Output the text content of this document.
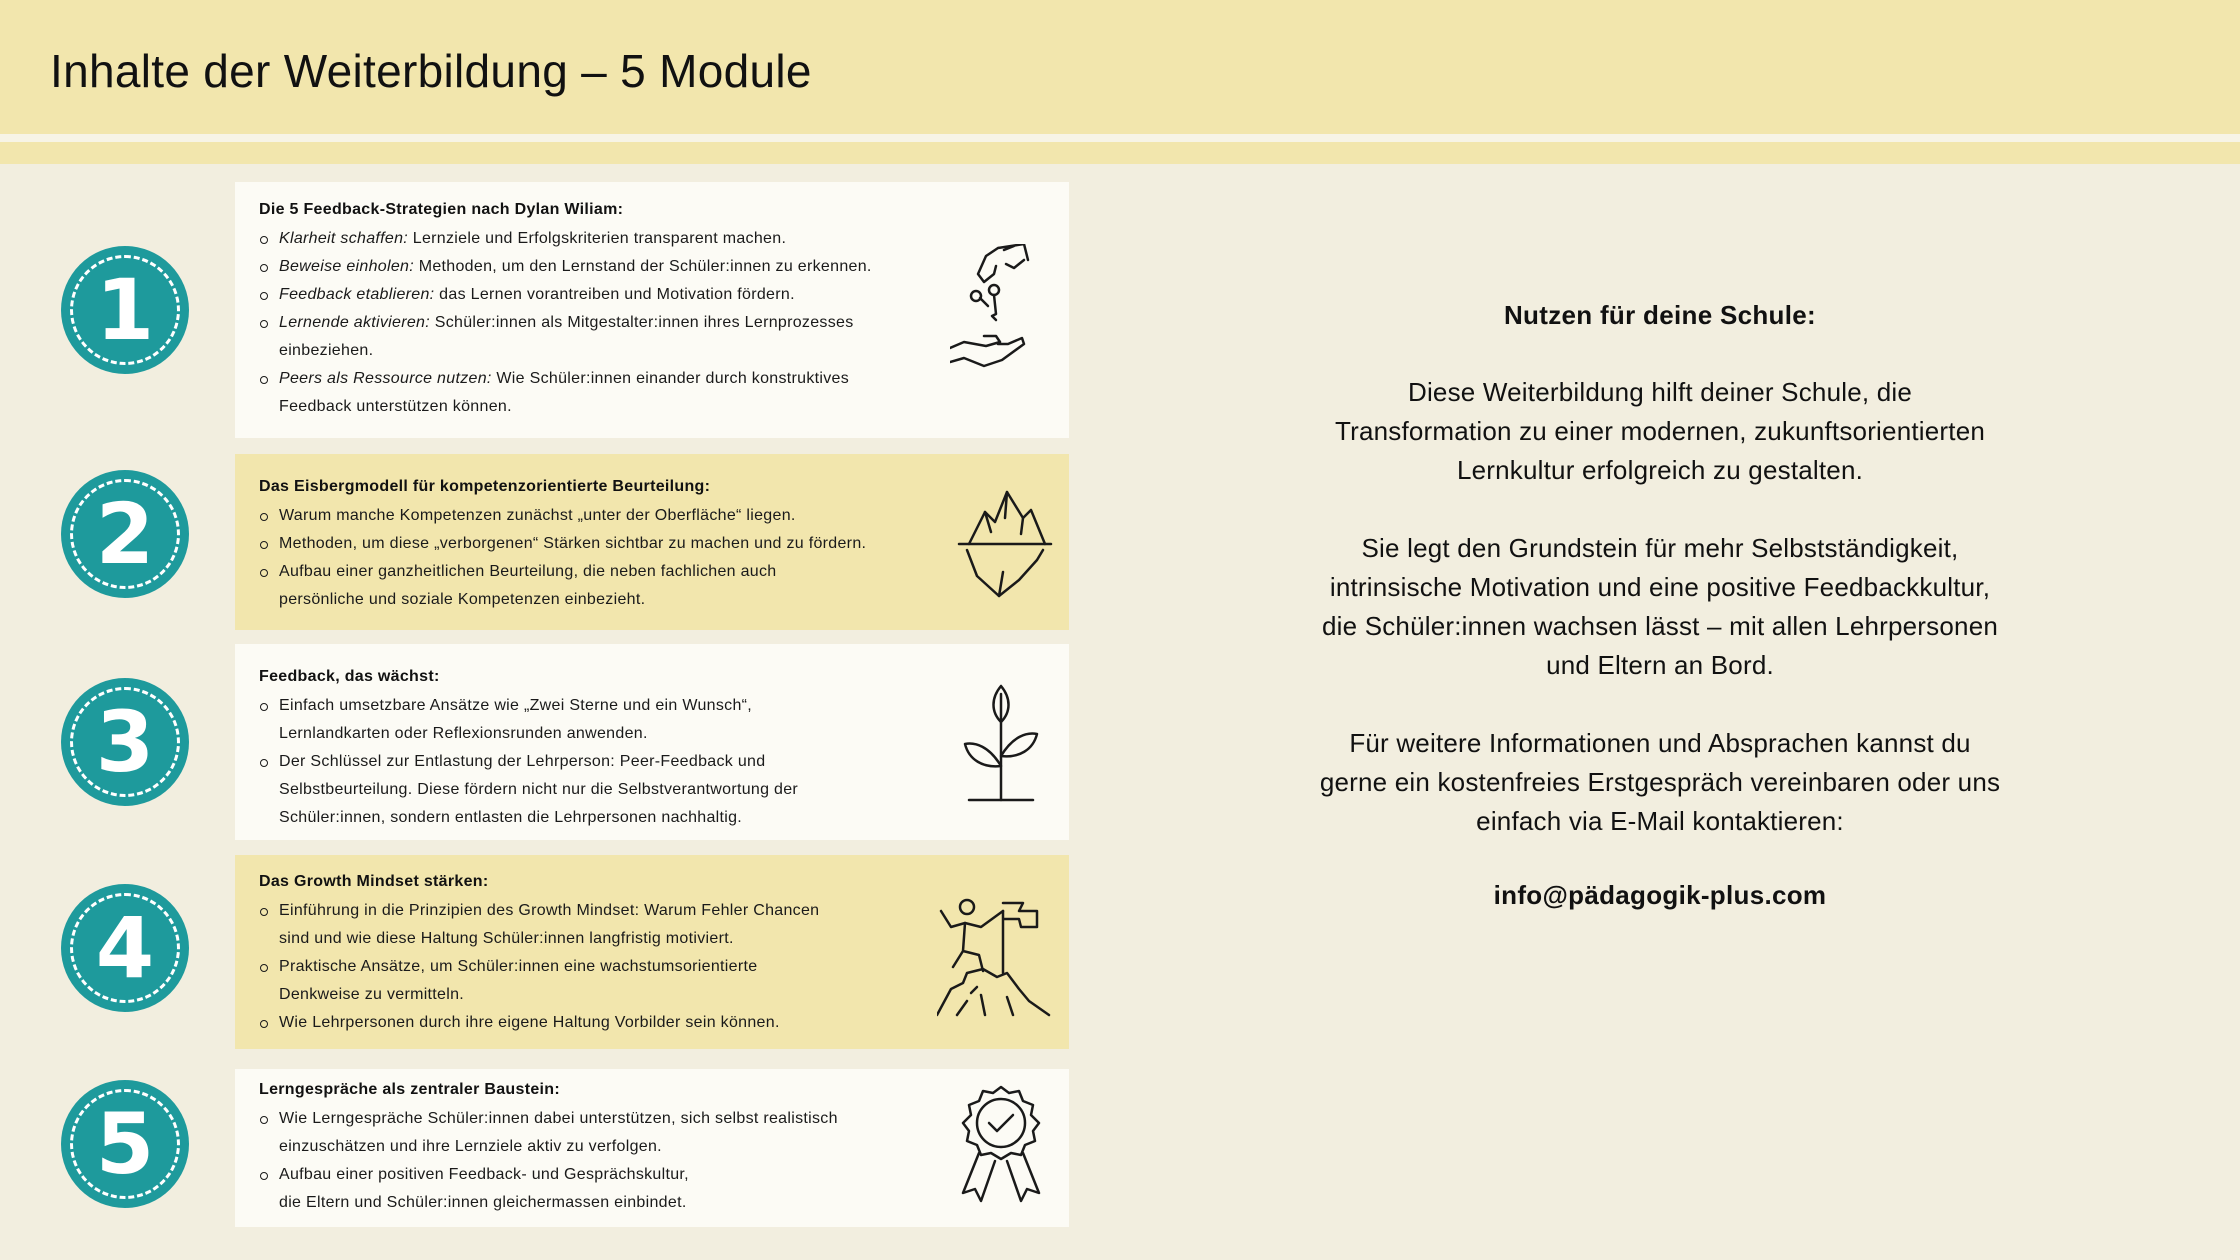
Inhalte der Weiterbildung – 5 Module
1
Die 5 Feedback-Strategien nach Dylan Wiliam:
Klarheit schaffen: Lernziele und Erfolgskriterien transparent machen.
Beweise einholen: Methoden, um den Lernstand der Schüler:innen zu erkennen.
Feedback etablieren: das Lernen vorantreiben und Motivation fördern.
Lernende aktivieren: Schüler:innen als Mitgestalter:innen ihres Lernprozesses
einbeziehen.
Peers als Ressource nutzen: Wie Schüler:innen einander durch konstruktives
Feedback unterstützen können.
2	Das Eisbergmodell für kompetenzorientierte Beurteilung:
Warum manche Kompetenzen zunächst „unter der Oberfläche“ liegen.
Methoden, um diese „verborgenen“ Stärken sichtbar zu machen und zu fördern.
Aufbau einer ganzheitlichen Beurteilung, die neben fachlichen auch
persönliche und soziale Kompetenzen einbezieht.
3
Feedback, das wächst:
Einfach umsetzbare Ansätze wie „Zwei Sterne und ein Wunsch“,
Lernlandkarten oder Reflexionsrunden anwenden.
Der Schlüssel zur Entlastung der Lehrperson: Peer-Feedback und
Selbstbeurteilung. Diese fördern nicht nur die Selbstverantwortung der
Schüler:innen, sondern entlasten die Lehrpersonen nachhaltig.
4
Das Growth Mindset stärken:
Einführung in die Prinzipien des Growth Mindset: Warum Fehler Chancen
sind und wie diese Haltung Schüler:innen langfristig motiviert.
Praktische Ansätze, um Schüler:innen eine wachstumsorientierte
Denkweise zu vermitteln.
Wie Lehrpersonen durch ihre eigene Haltung Vorbilder sein können.
5
Lerngespräche als zentraler Baustein:
Wie Lerngespräche Schüler:innen dabei unterstützen, sich selbst realistisch
einzuschätzen und ihre Lernziele aktiv zu verfolgen.
Aufbau einer positiven Feedback- und Gesprächskultur,
die Eltern und Schüler:innen gleichermassen einbindet.
Nutzen für deine Schule:

Diese Weiterbildung hilft deiner Schule, die
Transformation zu einer modernen, zukunftsorientierten
Lernkultur erfolgreich zu gestalten.

Sie legt den Grundstein für mehr Selbstständigkeit,
intrinsische Motivation und eine positive Feedbackkultur,
die Schüler:innen wachsen lässt – mit allen Lehrpersonen
und Eltern an Bord.

Für weitere Informationen und Absprachen kannst du
gerne ein kostenfreies Erstgespräch vereinbaren oder uns
einfach via E-Mail kontaktieren:

info@pädagogik-plus.com
